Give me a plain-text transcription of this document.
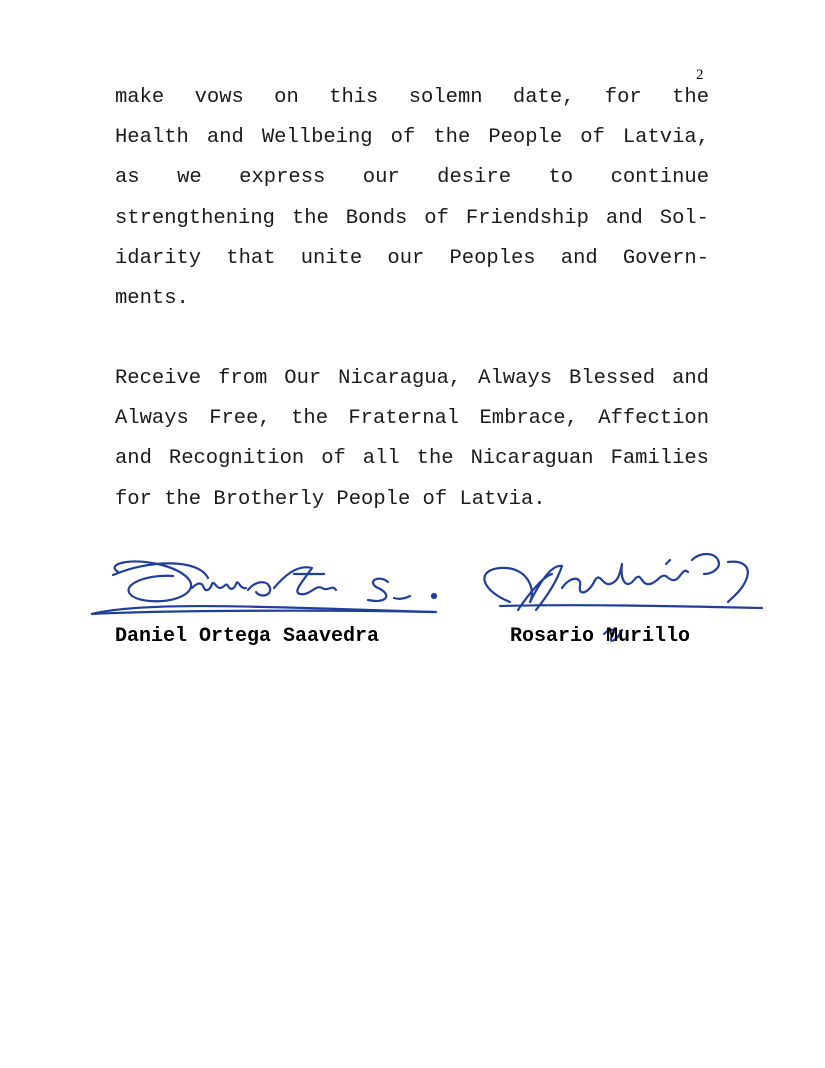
2
make vows on this solemn date, for the
Health and Wellbeing of the People of Latvia,
as we express our desire to continue
strengthening the Bonds of Friendship and Sol-
idarity that unite our Peoples and Govern-
ments.
Receive from Our Nicaragua, Always Blessed and
Always Free, the Fraternal Embrace, Affection
and Recognition of all the Nicaraguan Families
for the Brotherly People of Latvia.
Daniel Ortega Saavedra	Rosario Murillo
